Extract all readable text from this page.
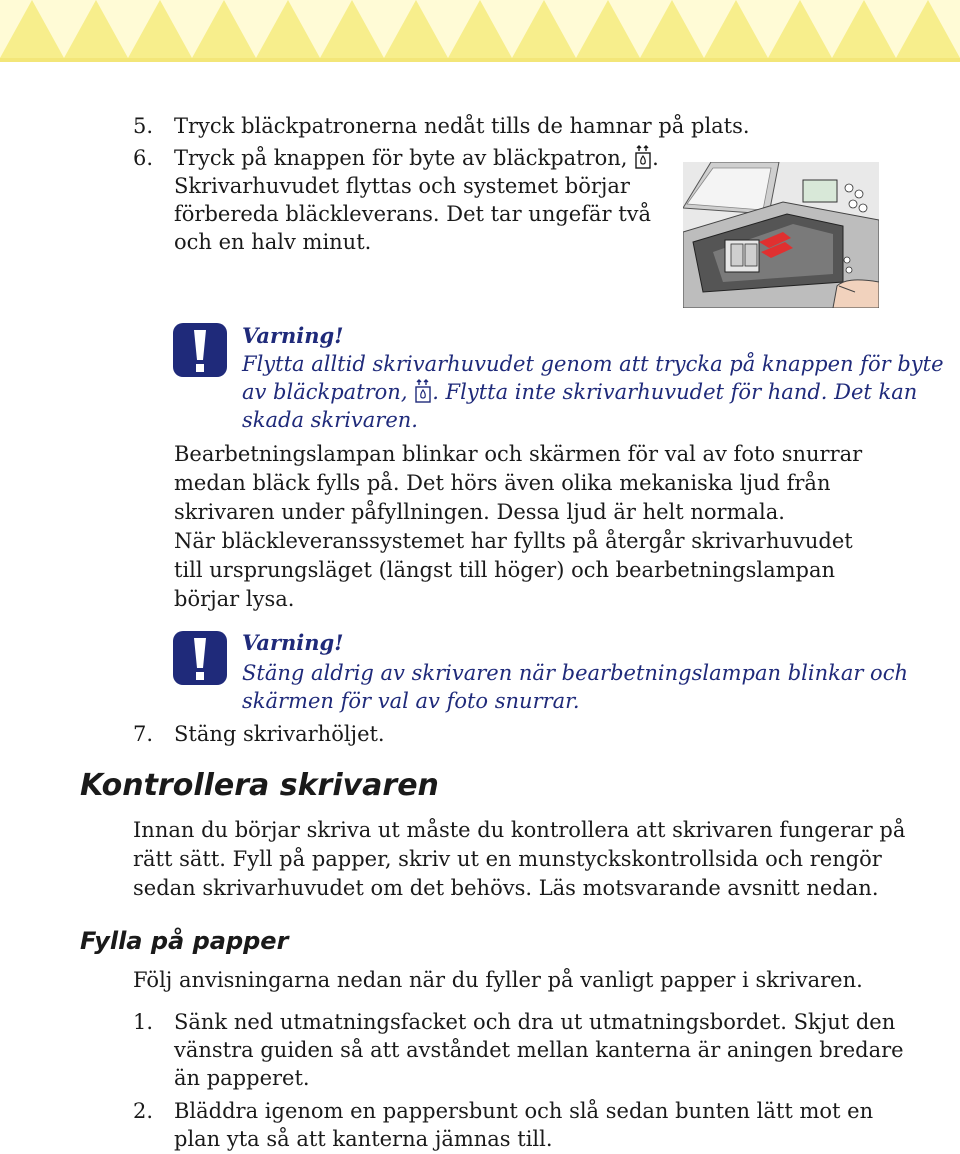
5. Tryck bläckpatronerna nedåt tills de hamnar på plats.
6. Tryck på knappen för byte av bläckpatron, .
Skrivarhuvudet flyttas och systemet börjar
förbereda bläckleverans. Det tar ungefär två
och en halv minut.
Varning!
Flytta alltid skrivarhuvudet genom att trycka på knappen för byte
av bläckpatron, . Flytta inte skrivarhuvudet för hand. Det kan
skada skrivaren.
Bearbetningslampan blinkar och skärmen för val av foto snurrar
medan bläck fylls på. Det hörs även olika mekaniska ljud från
skrivaren under påfyllningen. Dessa ljud är helt normala.
När bläckleveranssystemet har fyllts på återgår skrivarhuvudet
till ursprungsläget (längst till höger) och bearbetningslampan
börjar lysa.
Varning!
Stäng aldrig av skrivaren när bearbetningslampan blinkar och
skärmen för val av foto snurrar.
7. Stäng skrivarhöljet.
Kontrollera skrivaren
Innan du börjar skriva ut måste du kontrollera att skrivaren fungerar på
rätt sätt. Fyll på papper, skriv ut en munstyckskontrollsida och rengör
sedan skrivarhuvudet om det behövs. Läs motsvarande avsnitt nedan.
Fylla på papper
Följ anvisningarna nedan när du fyller på vanligt papper i skrivaren.
1. Sänk ned utmatningsfacket och dra ut utmatningsbordet. Skjut den
vänstra guiden så att avståndet mellan kanterna är aningen bredare
än papperet.
2. Bläddra igenom en pappersbunt och slå sedan bunten lätt mot en
plan yta så att kanterna jämnas till.
